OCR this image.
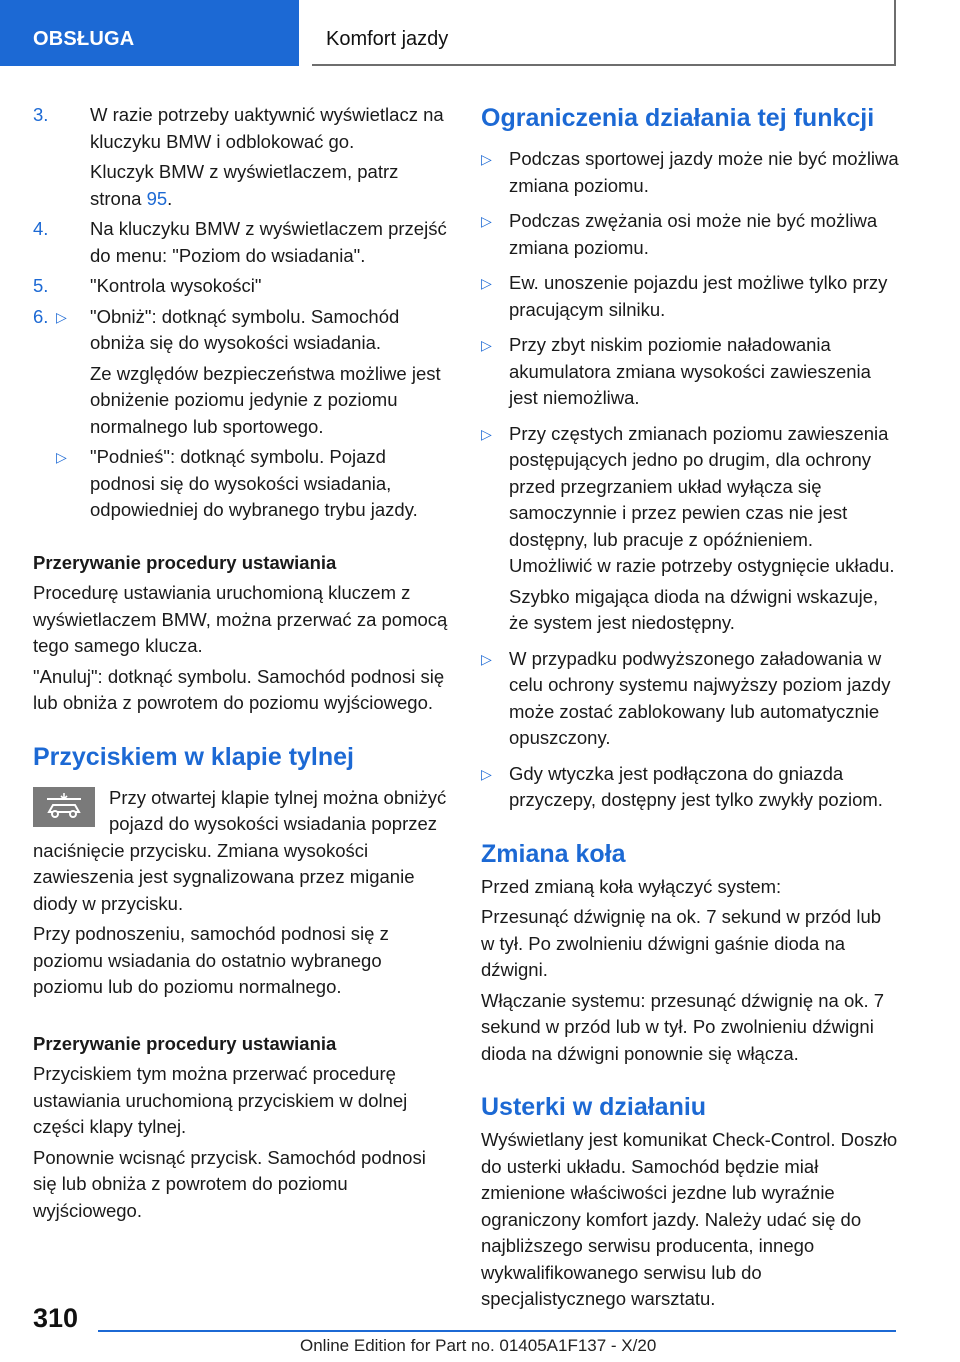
OBSŁUGA	Komfort jazdy
3. W razie potrzeby uaktywnić wyświetlacz na kluczyku BMW i odblokować go.
Kluczyk BMW z wyświetlaczem, patrz strona 95.
4. Na kluczyku BMW z wyświetlaczem przejść do menu: "Poziom do wsiadania".
5. "Kontrola wysokości"
6. ▷ "Obniż": dotknąć symbolu. Samochód obniża się do wysokości wsiadania.
Ze względów bezpieczeństwa możliwe jest obniżenie poziomu jedynie z poziomu normalnego lub sportowego.
▷ "Podnieś": dotknąć symbolu. Pojazd podnosi się do wysokości wsiadania, odpowiedniej do wybranego trybu jazdy.
Przerywanie procedury ustawiania
Procedurę ustawiania uruchomioną kluczem z wyświetlaczem BMW, można przerwać za pomocą tego samego klucza.
"Anuluj": dotknąć symbolu. Samochód podnosi się lub obniża z powrotem do poziomu wyjściowego.
Przyciskiem w klapie tylnej
Przy otwartej klapie tylnej można obniżyć pojazd do wysokości wsiadania poprzez naciśnięcie przycisku. Zmiana wysokości zawieszenia jest sygnalizowana przez miganie diody w przycisku.
Przy podnoszeniu, samochód podnosi się z poziomu wsiadania do ostatnio wybranego poziomu lub do poziomu normalnego.
Przerywanie procedury ustawiania
Przyciskiem tym można przerwać procedurę ustawiania uruchomioną przyciskiem w dolnej części klapy tylnej.
Ponownie wcisnąć przycisk. Samochód podnosi się lub obniża z powrotem do poziomu wyjściowego.
Ograniczenia działania tej funkcji
▷ Podczas sportowej jazdy może nie być możliwa zmiana poziomu.
▷ Podczas zwężania osi może nie być możliwa zmiana poziomu.
▷ Ew. unoszenie pojazdu jest możliwe tylko przy pracującym silniku.
▷ Przy zbyt niskim poziomie naładowania akumulatora zmiana wysokości zawieszenia jest niemożliwa.
▷ Przy częstych zmianach poziomu zawieszenia postępujących jedno po drugim, dla ochrony przed przegrzaniem układ wyłącza się samoczynnie i przez pewien czas nie jest dostępny, lub pracuje z opóźnieniem. Umożliwić w razie potrzeby ostygnięcie układu.
Szybko migająca dioda na dźwigni wskazuje, że system jest niedostępny.
▷ W przypadku podwyższonego załadowania w celu ochrony systemu najwyższy poziom jazdy może zostać zablokowany lub automatycznie opuszczony.
▷ Gdy wtyczka jest podłączona do gniazda przyczepy, dostępny jest tylko zwykły poziom.
Zmiana koła
Przed zmianą koła wyłączyć system:
Przesunąć dźwignię na ok. 7 sekund w przód lub w tył. Po zwolnieniu dźwigni gaśnie dioda na dźwigni.
Włączanie systemu: przesunąć dźwignię na ok. 7 sekund w przód lub w tył. Po zwolnieniu dźwigni dioda na dźwigni ponownie się włącza.
Usterki w działaniu
Wyświetlany jest komunikat Check-Control. Doszło do usterki układu. Samochód będzie miał zmienione właściwości jezdne lub wyraźnie ograniczony komfort jazdy. Należy udać się do najbliższego serwisu producenta, innego wykwalifikowanego serwisu lub do specjalistycznego warsztatu.
310
Online Edition for Part no. 01405A1F137 - X/20
